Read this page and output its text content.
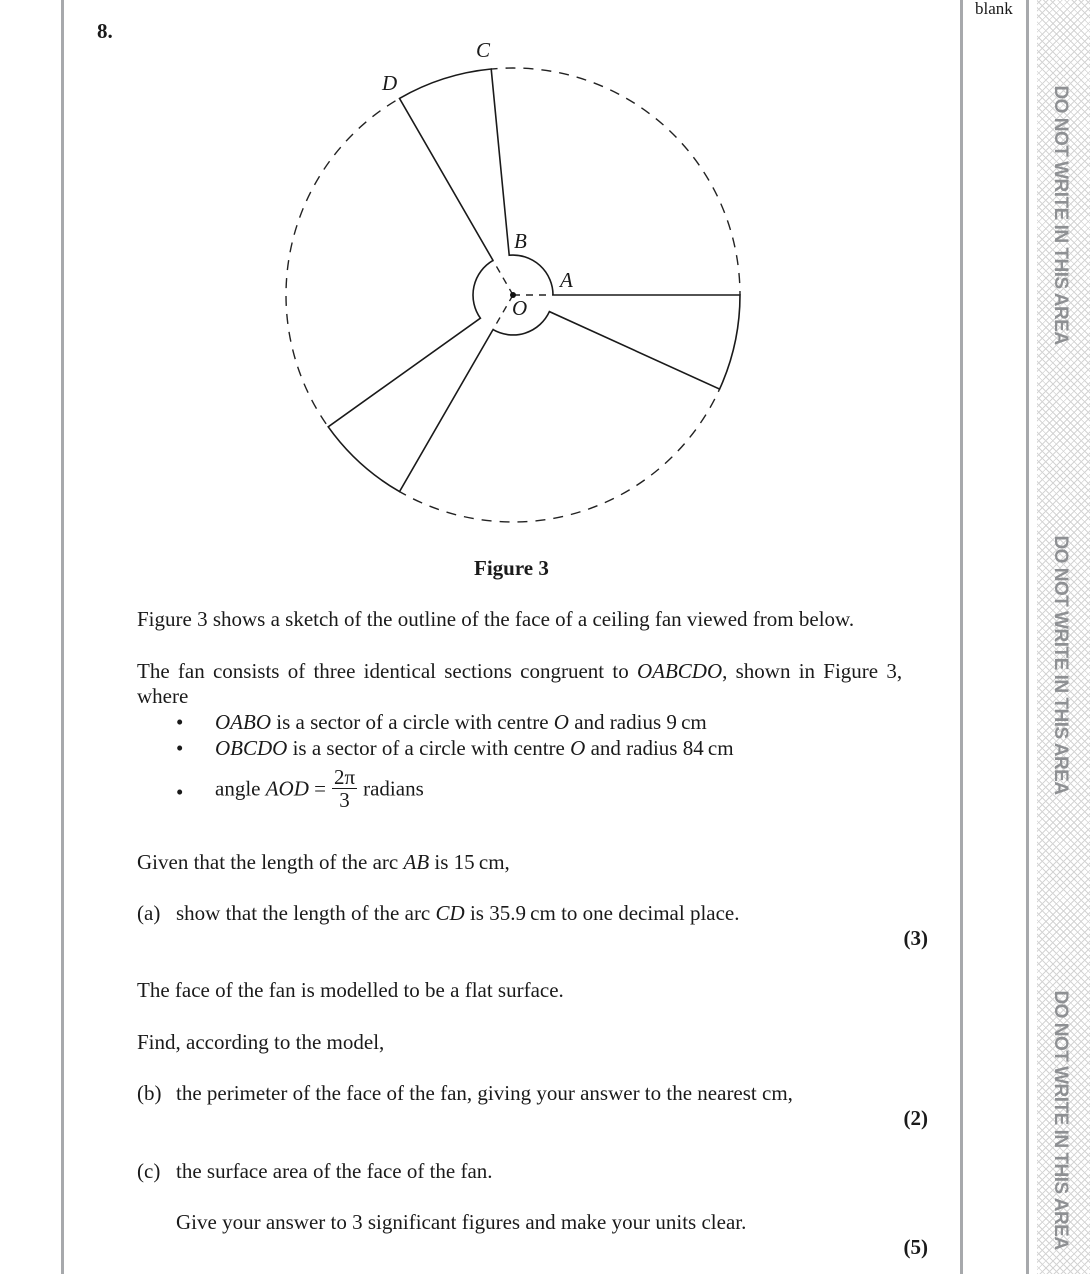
blank
DO NOT WRITE IN THIS AREA
DO NOT WRITE IN THIS AREA
DO NOT WRITE IN THIS AREA
8.
C
D
B
A
O
Figure 3
Figure 3 shows a sketch of the outline of the face of a ceiling fan viewed from below.
The fan consists of three identical sections congruent to OABCDO, shown in Figure 3,
where
• OABO is a sector of a circle with centre O and radius 9 cm
• OBCDO is a sector of a circle with centre O and radius 84 cm
• angle AOD = $\frac{2\pi}{3}$ radians
Given that the length of the arc AB is 15 cm,
(a) show that the length of the arc CD is 35.9 cm to one decimal place.
(3)
The face of the fan is modelled to be a flat surface.
Find, according to the model,
(b) the perimeter of the face of the fan, giving your answer to the nearest cm,
(2)
(c) the surface area of the face of the fan.
Give your answer to 3 significant figures and make your units clear.
(5)
